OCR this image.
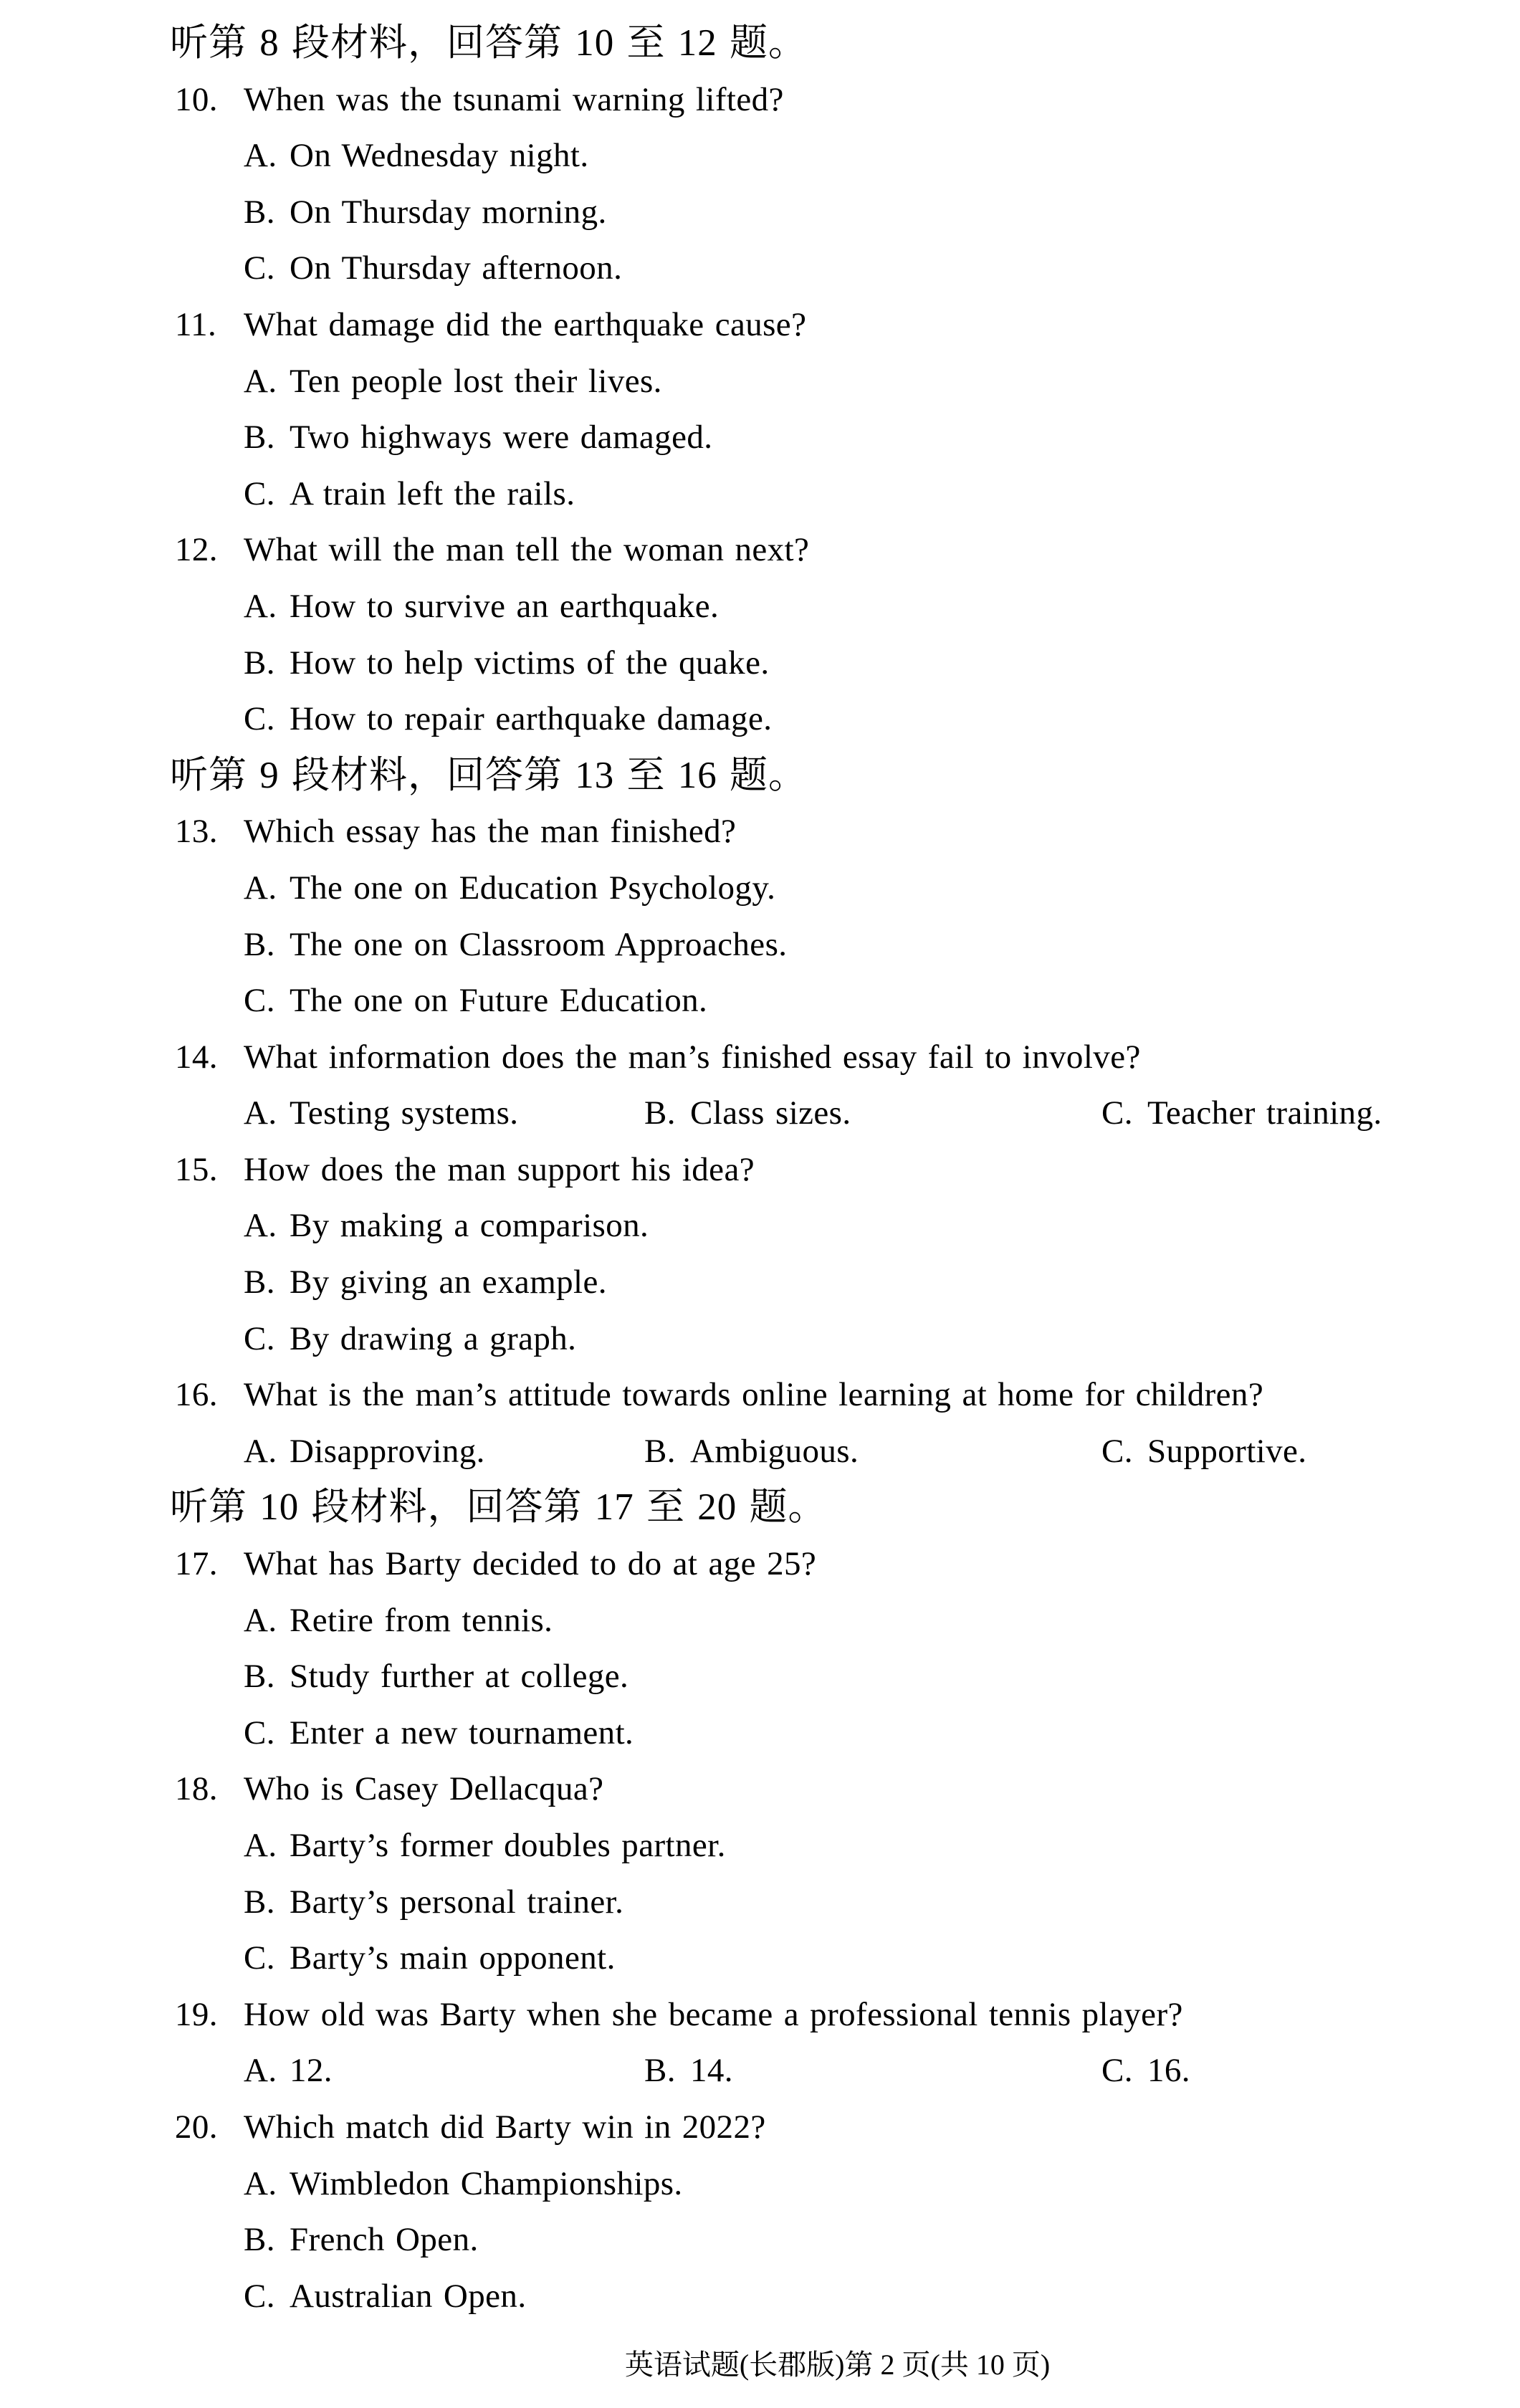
听第 8 段材料，回答第 10 至 12 题。
10. When was the tsunami warning lifted?
A. On Wednesday night.
B. On Thursday morning.
C. On Thursday afternoon.
11. What damage did the earthquake cause?
A. Ten people lost their lives.
B. Two highways were damaged.
C. A train left the rails.
12. What will the man tell the woman next?
A. How to survive an earthquake.
B. How to help victims of the quake.
C. How to repair earthquake damage.
听第 9 段材料，回答第 13 至 16 题。
13. Which essay has the man finished?
A. The one on Education Psychology.
B. The one on Classroom Approaches.
C. The one on Future Education.
14. What information does the man’s finished essay fail to involve?
A. Testing systems.	B. Class sizes.	C. Teacher training.
15. How does the man support his idea?
A. By making a comparison.
B. By giving an example.
C. By drawing a graph.
16. What is the man’s attitude towards online learning at home for children?
A. Disapproving.	B. Ambiguous.	C. Supportive.
听第 10 段材料，回答第 17 至 20 题。
17. What has Barty decided to do at age 25?
A. Retire from tennis.
B. Study further at college.
C. Enter a new tournament.
18. Who is Casey Dellacqua?
A. Barty’s former doubles partner.
B. Barty’s personal trainer.
C. Barty’s main opponent.
19. How old was Barty when she became a professional tennis player?
A. 12.	B. 14.	C. 16.
20. Which match did Barty win in 2022?
A. Wimbledon Championships.
B. French Open.
C. Australian Open.
英语试题(长郡版)第 2 页(共 10 页)
